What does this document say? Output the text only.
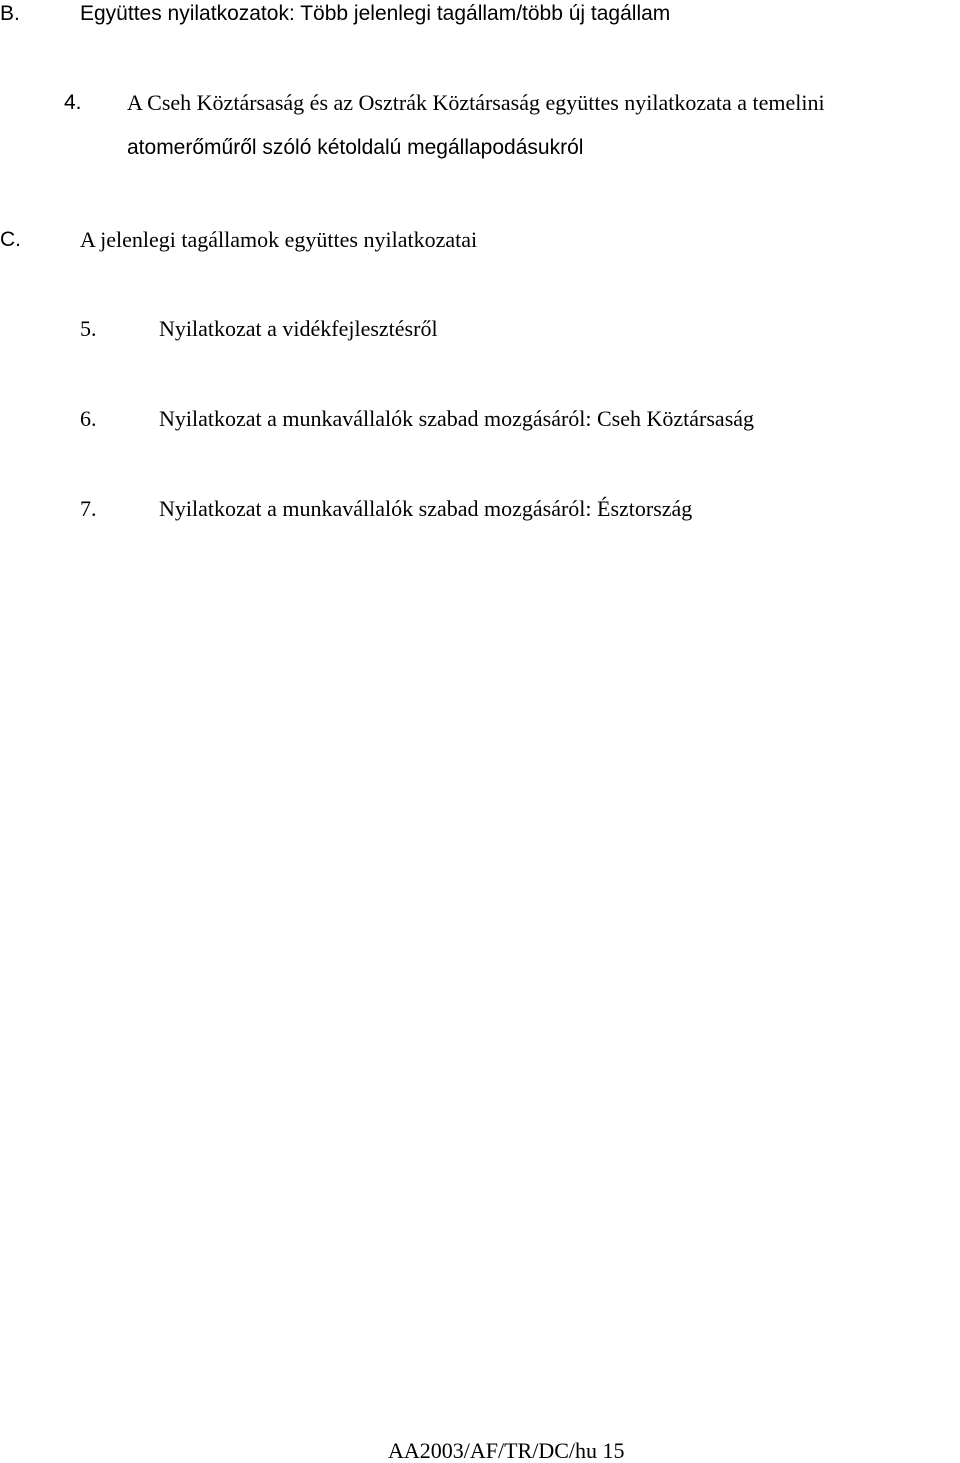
B.	Együttes nyilatkozatok: Több jelenlegi tagállam/több új tagállam
4. A Cseh Köztársaság és az Osztrák Köztársaság együttes nyilatkozata a temelini
atomerőműről szóló kétoldalú megállapodásukról
C.	A jelenlegi tagállamok együttes nyilatkozatai
5.	Nyilatkozat a vidékfejlesztésről
6.	Nyilatkozat a munkavállalók szabad mozgásáról: Cseh Köztársaság
7.	Nyilatkozat a munkavállalók szabad mozgásáról: Észtország
AA2003/AF/TR/DC/hu 15
